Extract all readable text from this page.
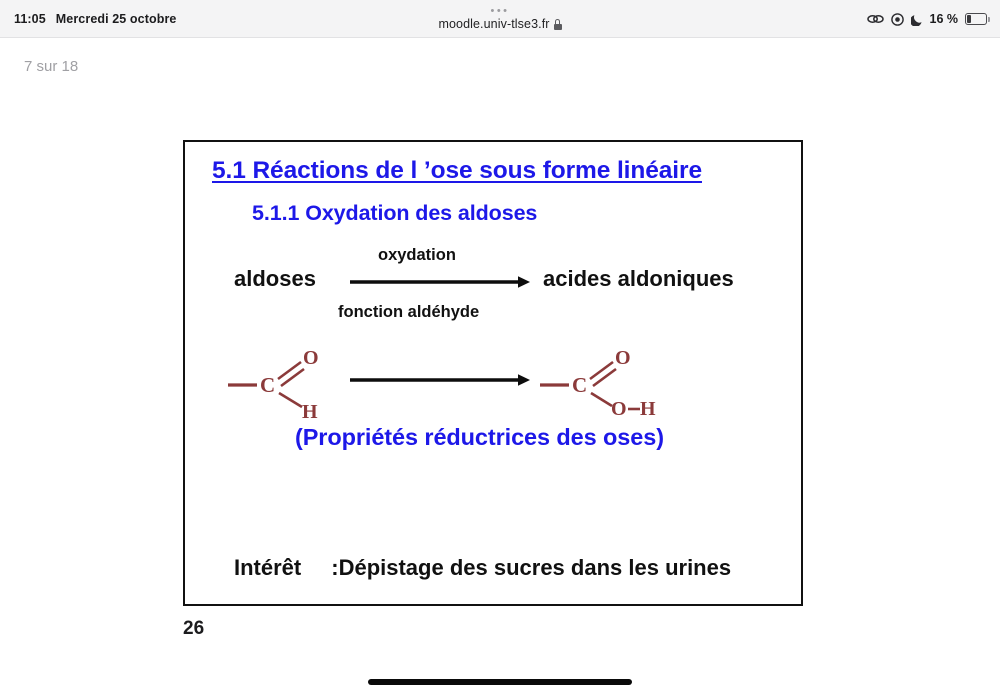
11:05 Mercredi 25 octobre
•••
moodle.univ-tlse3.fr	16 %
7 sur 18
5.1 Réactions de l ’ose sous forme linéaire
5.1.1 Oxydation des aldoses
aldoses
oxydation
fonction aldéhyde
acides aldoniques
C
O
H
C
O
O H
(Propriétés réductrices des oses)
Intérêt :Dépistage des sucres dans les urines
26
